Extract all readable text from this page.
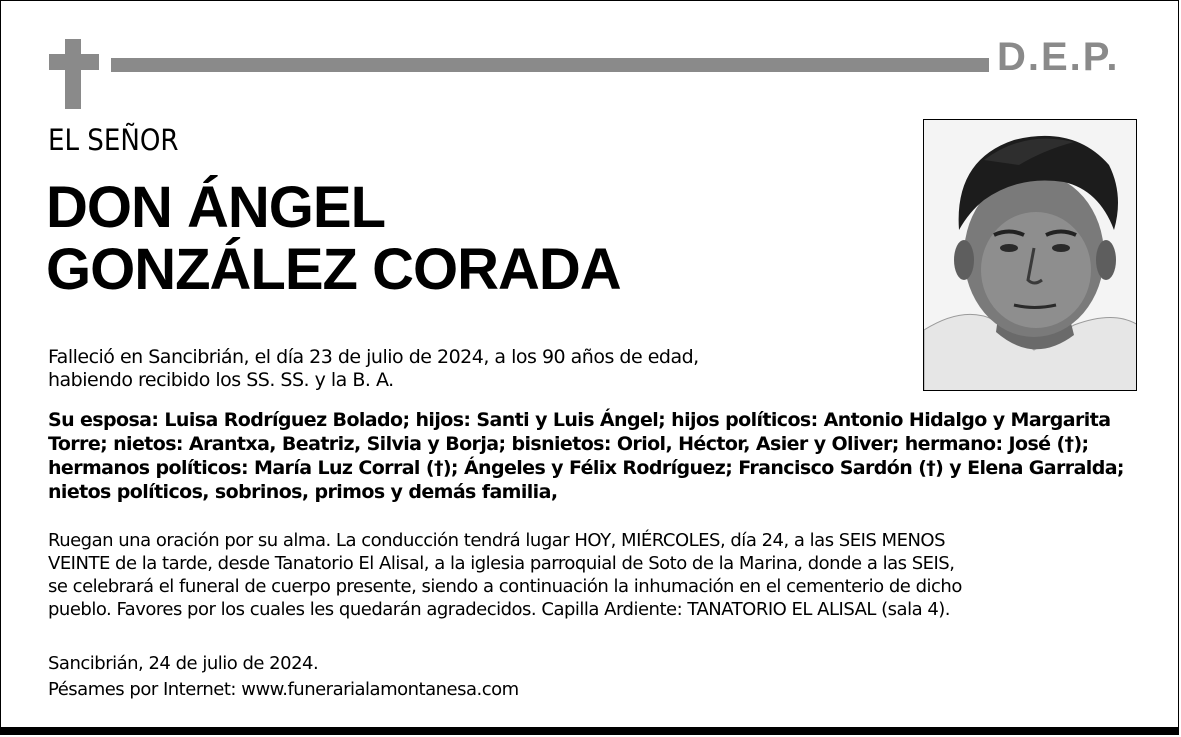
D.E.P.
EL SEÑOR
DON ÁNGEL
GONZÁLEZ CORADA
Falleció en Sancibrián, el día 23 de julio de 2024, a los 90 años de edad,
habiendo recibido los SS. SS. y la B. A.
Su esposa: Luisa Rodríguez Bolado; hijos: Santi y Luis Ángel; hijos políticos: Antonio Hidalgo y Margarita
Torre; nietos: Arantxa, Beatriz, Silvia y Borja; bisnietos: Oriol, Héctor, Asier y Oliver; hermano: José (†);
hermanos políticos: María Luz Corral (†); Ángeles y Félix Rodríguez; Francisco Sardón (†) y Elena Garralda;
nietos políticos, sobrinos, primos y demás familia,
Ruegan una oración por su alma. La conducción tendrá lugar HOY, MIÉRCOLES, día 24, a las SEIS MENOS
VEINTE de la tarde, desde Tanatorio El Alisal, a la iglesia parroquial de Soto de la Marina, donde a las SEIS,
se celebrará el funeral de cuerpo presente, siendo a continuación la inhumación en el cementerio de dicho
pueblo. Favores por los cuales les quedarán agradecidos. Capilla Ardiente: TANATORIO EL ALISAL (sala 4).
Sancibrián, 24 de julio de 2024.
Pésames por Internet: www.funerarialamontanesa.com
